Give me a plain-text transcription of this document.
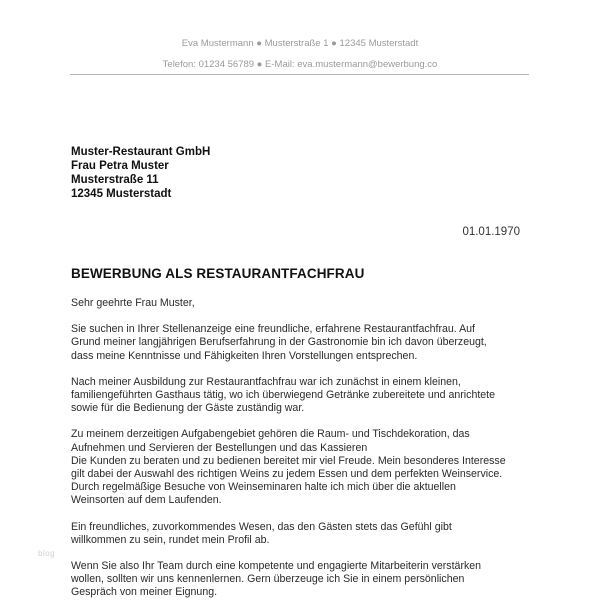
Eva Mustermann ● Musterstraße 1 ● 12345 Musterstadt
Telefon: 01234 56789 ● E-Mail: eva.mustermann@bewerbung.co
Muster-Restaurant GmbH
Frau Petra Muster
Musterstraße 11
12345 Musterstadt
01.01.1970
BEWERBUNG ALS RESTAURANTFACHFRAU

Sehr geehrte Frau Muster,

Sie suchen in Ihrer Stellenanzeige eine freundliche, erfahrene Restaurantfachfrau. Auf
Grund meiner langjährigen Berufserfahrung in der Gastronomie bin ich davon überzeugt,
dass meine Kenntnisse und Fähigkeiten Ihren Vorstellungen entsprechen.

Nach meiner Ausbildung zur Restaurantfachfrau war ich zunächst in einem kleinen,
familiengeführten Gasthaus tätig, wo ich überwiegend Getränke zubereitete und anrichtete
sowie für die Bedienung der Gäste zuständig war.

Zu meinem derzeitigen Aufgabengebiet gehören die Raum- und Tischdekoration, das
Aufnehmen und Servieren der Bestellungen und das Kassieren
Die Kunden zu beraten und zu bedienen bereitet mir viel Freude. Mein besonderes Interesse
gilt dabei der Auswahl des richtigen Weins zu jedem Essen und dem perfekten Weinservice.
Durch regelmäßige Besuche von Weinseminaren halte ich mich über die aktuellen
Weinsorten auf dem Laufenden.

Ein freundliches, zuvorkommendes Wesen, das den Gästen stets das Gefühl gibt
willkommen zu sein, rundet mein Profil ab.

Wenn Sie also Ihr Team durch eine kompetente und engagierte Mitarbeiterin verstärken
wollen, sollten wir uns kennenlernen. Gern überzeuge ich Sie in einem persönlichen
Gespräch von meiner Eignung.

blog
